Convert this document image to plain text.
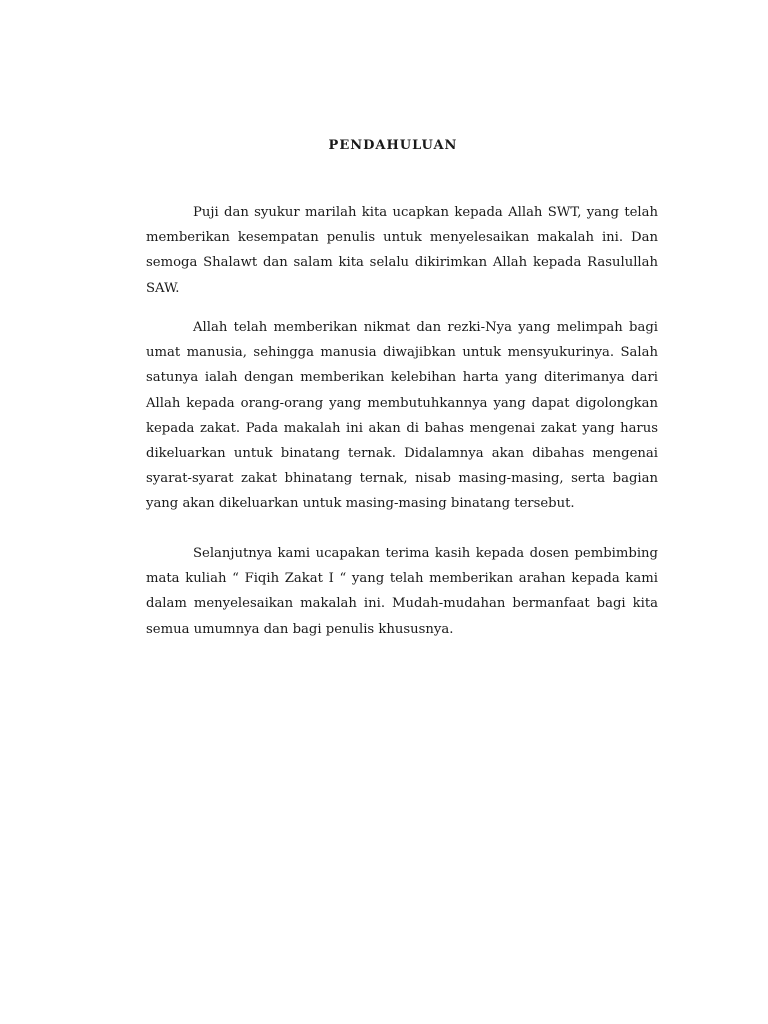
PENDAHULUAN

Puji dan syukur marilah kita ucapkan kepada Allah SWT, yang telah memberikan kesempatan penulis untuk menyelesaikan makalah ini. Dan semoga Shalawt dan salam kita selalu dikirimkan Allah kepada Rasulullah SAW.

Allah telah memberikan nikmat dan rezki-Nya yang melimpah bagi umat manusia, sehingga manusia diwajibkan untuk mensyukurinya. Salah satunya ialah dengan memberikan kelebihan harta yang diterimanya dari Allah kepada orang-orang yang membutuhkannya yang dapat digolongkan kepada zakat. Pada makalah ini akan di bahas mengenai zakat yang harus dikeluarkan untuk binatang ternak. Didalamnya akan dibahas mengenai syarat-syarat zakat bhinatang ternak, nisab masing-masing, serta bagian yang akan dikeluarkan untuk masing-masing binatang tersebut.

Selanjutnya kami ucapakan terima kasih kepada dosen pembimbing mata kuliah “ Fiqih Zakat I “ yang telah memberikan arahan kepada kami dalam menyelesaikan makalah ini. Mudah-mudahan bermanfaat bagi kita semua umumnya dan bagi penulis khususnya.
